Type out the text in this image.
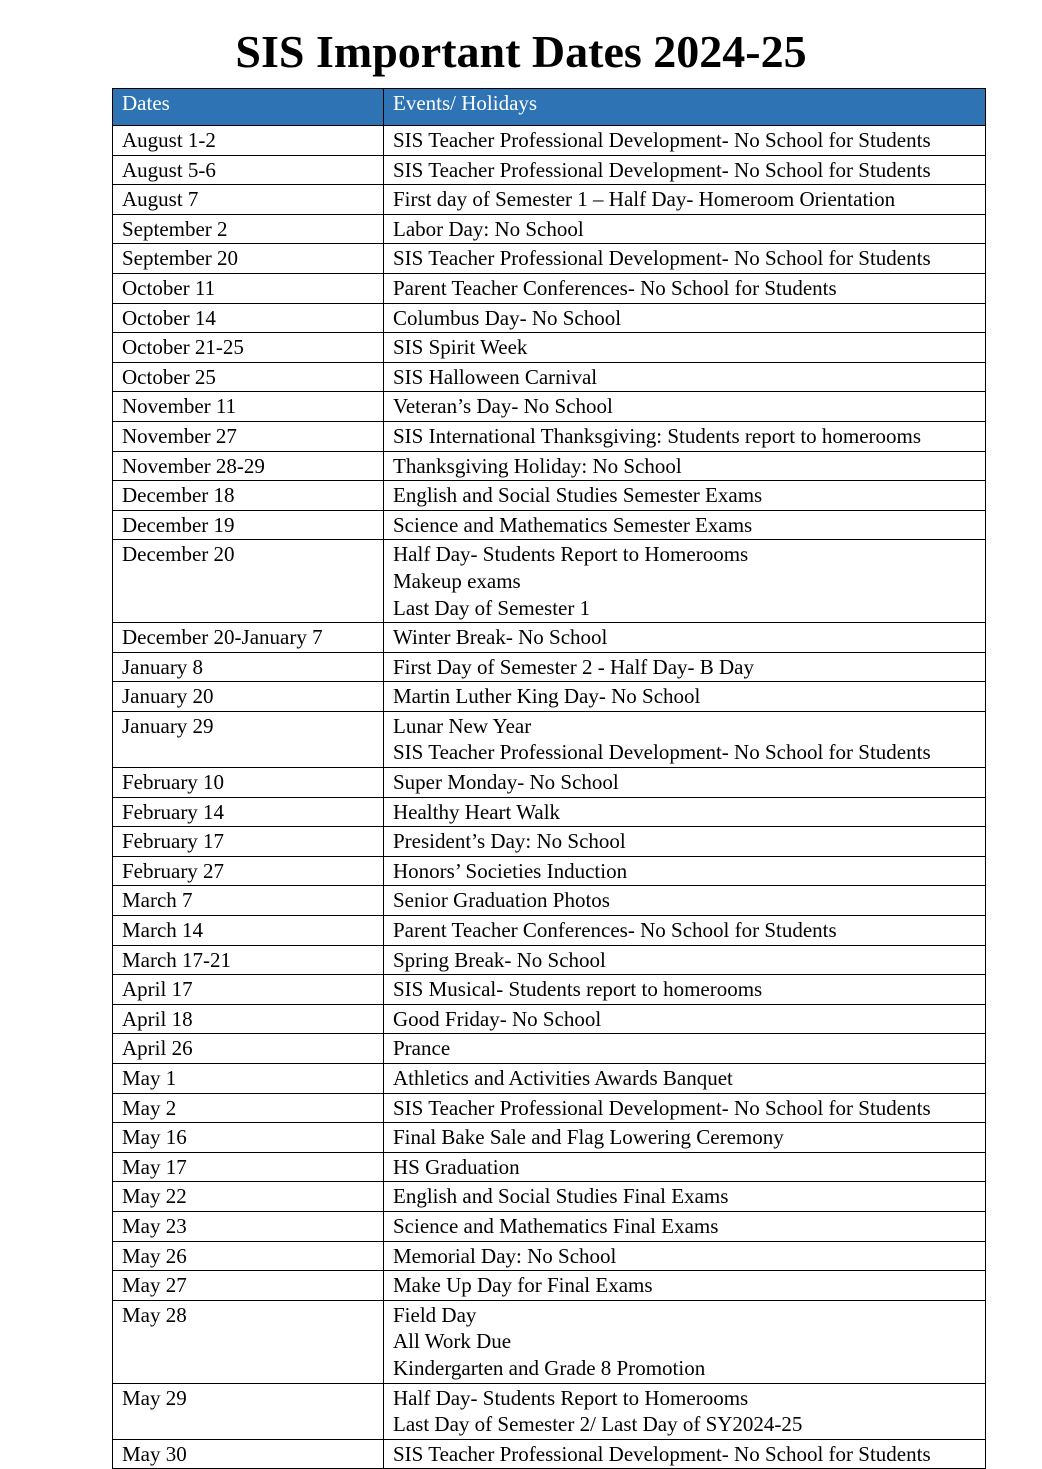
SIS Important Dates 2024-25
Dates	Events/ Holidays
August 1-2	SIS Teacher Professional Development- No School for Students

August 5-6	SIS Teacher Professional Development- No School for Students

August 7	First day of Semester 1 – Half Day- Homeroom Orientation

September 2	Labor Day: No School

September 20	SIS Teacher Professional Development- No School for Students

October 11	Parent Teacher Conferences- No School for Students

October 14	Columbus Day- No School

October 21-25	SIS Spirit Week

October 25	SIS Halloween Carnival

November 11	Veteran’s Day- No School

November 27	SIS International Thanksgiving: Students report to homerooms

November 28-29	Thanksgiving Holiday: No School

December 18	English and Social Studies Semester Exams

December 19	Science and Mathematics Semester Exams

December 20	Half Day- Students Report to Homerooms
Makeup exams
Last Day of Semester 1

December 20-January 7	Winter Break- No School

January 8	First Day of Semester 2 - Half Day- B Day

January 20	Martin Luther King Day- No School

January 29	Lunar New Year
SIS Teacher Professional Development- No School for Students

February 10	Super Monday- No School

February 14	Healthy Heart Walk

February 17	President’s Day: No School

February 27	Honors’ Societies Induction

March 7	Senior Graduation Photos

March 14	Parent Teacher Conferences- No School for Students

March 17-21	Spring Break- No School

April 17	SIS Musical- Students report to homerooms

April 18	Good Friday- No School

April 26	Prance

May 1	Athletics and Activities Awards Banquet

May 2	SIS Teacher Professional Development- No School for Students

May 16	Final Bake Sale and Flag Lowering Ceremony

May 17	HS Graduation

May 22	English and Social Studies Final Exams

May 23	Science and Mathematics Final Exams

May 26	Memorial Day: No School

May 27	Make Up Day for Final Exams

May 28	Field Day
All Work Due
Kindergarten and Grade 8 Promotion

May 29	Half Day- Students Report to Homerooms
Last Day of Semester 2/ Last Day of SY2024-25

May 30	SIS Teacher Professional Development- No School for Students
